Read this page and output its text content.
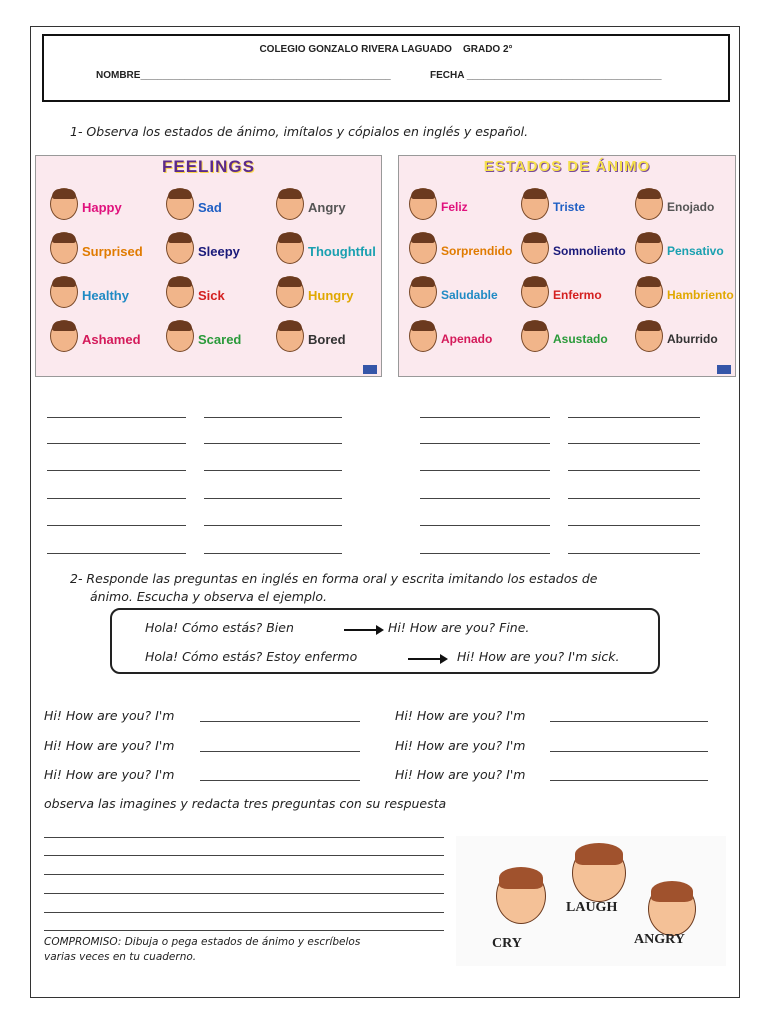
COLEGIO GONZALO RIVERA LAGUADO GRADO 2°
NOMBRE_____________________________________________	FECHA ___________________________________
1- Observa los estados de ánimo, imítalos y cópialos en inglés y español.
FEELINGS
Happy	Sad	Angry
Surprised	Sleepy	Thoughtful
Healthy	Sick	Hungry
Ashamed	Scared	Bored
ESTADOS DE ÁNIMO
Feliz	Triste	Enojado
Sorprendido	Somnoliento	Pensativo
Saludable	Enfermo	Hambriento
Apenado	Asustado	Aburrido
2- Responde las preguntas en inglés en forma oral y escrita imitando los estados de
ánimo. Escucha y observa el ejemplo.
Hola! Cómo estás? Bien	Hi! How are you? Fine.
Hola! Cómo estás? Estoy enfermo	Hi! How are you? I'm sick.
Hi! How are you? I'm	Hi! How are you? I'm
Hi! How are you? I'm	Hi! How are you? I'm
Hi! How are you? I'm	Hi! How are you? I'm
observa las imagines y redacta tres preguntas con su respuesta
COMPROMISO: Dibuja o pega estados de ánimo y escríbelos
varias veces en tu cuaderno.
CRY
LAUGH
ANGRY
